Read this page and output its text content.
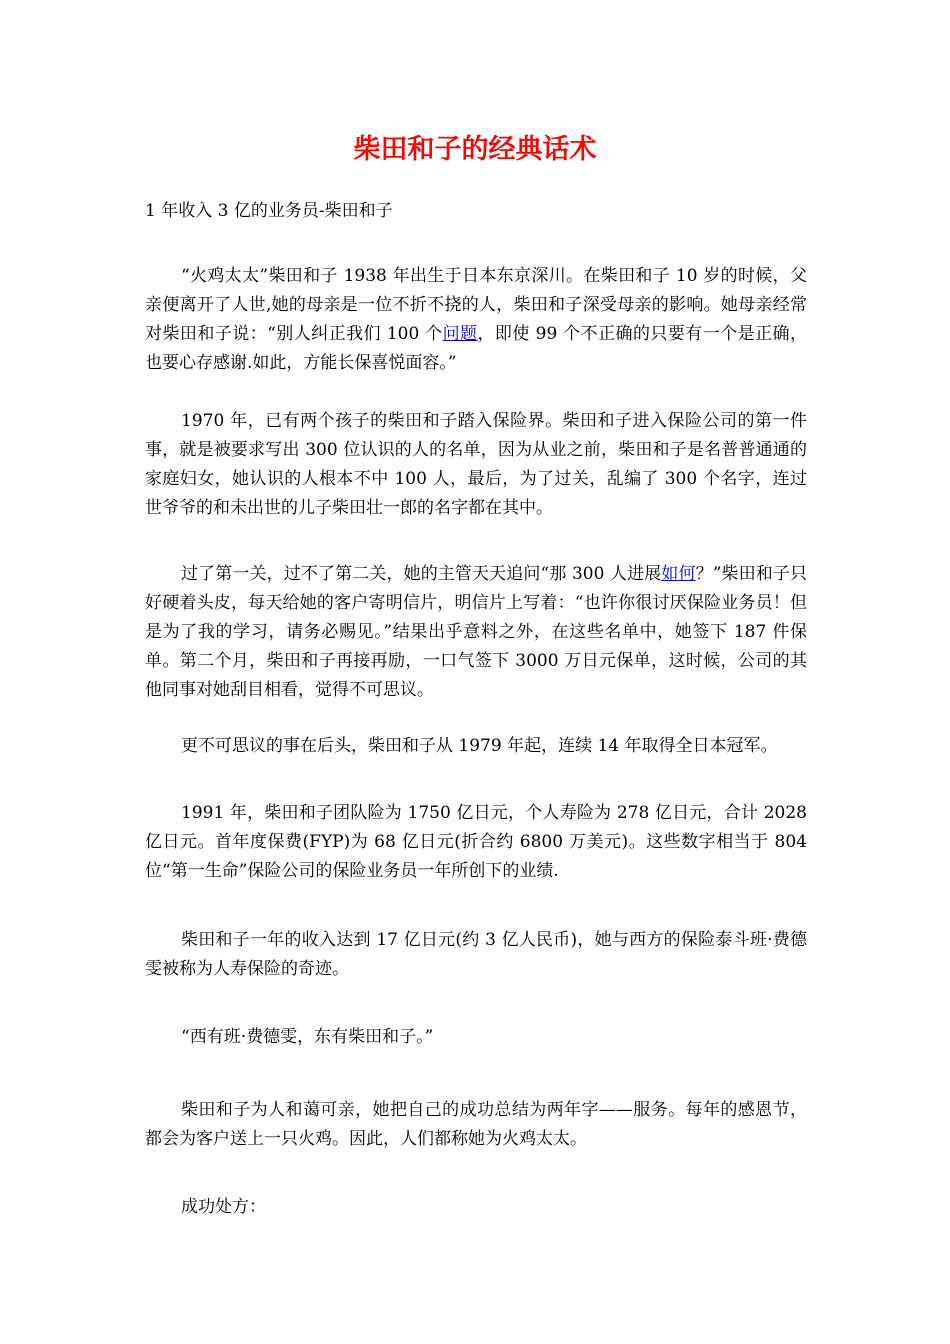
柴田和子的经典话术

1 年收入 3 亿的业务员-柴田和子

“火鸡太太”柴田和子 1938 年出生于日本东京深川。在柴田和子 10 岁的时候，父亲便离开了人世,她的母亲是一位不折不挠的人，柴田和子深受母亲的影响。她母亲经常对柴田和子说：“别人纠正我们 100 个问题，即使 99 个不正确的只要有一个是正确，也要心存感谢.如此，方能长保喜悦面容。”

1970 年，已有两个孩子的柴田和子踏入保险界。柴田和子进入保险公司的第一件事，就是被要求写出 300 位认识的人的名单，因为从业之前，柴田和子是名普普通通的家庭妇女，她认识的人根本不中 100 人，最后，为了过关，乱编了 300 个名字，连过世爷爷的和未出世的儿子柴田壮一郎的名字都在其中。

过了第一关，过不了第二关，她的主管天天追问“那 300 人进展如何？”柴田和子只好硬着头皮，每天给她的客户寄明信片，明信片上写着：“也许你很讨厌保险业务员！但是为了我的学习，请务必赐见。”结果出乎意料之外，在这些名单中，她签下 187 件保单。第二个月，柴田和子再接再励，一口气签下 3000 万日元保单，这时候，公司的其他同事对她刮目相看，觉得不可思议。

更不可思议的事在后头，柴田和子从 1979 年起，连续 14 年取得全日本冠军。

1991 年，柴田和子团队险为 1750 亿日元，个人寿险为 278 亿日元，合计 2028 亿日元。首年度保费(FYP)为 68 亿日元(折合约 6800 万美元)。这些数字相当于 804 位“第一生命”保险公司的保险业务员一年所创下的业绩.

柴田和子一年的收入达到 17 亿日元(约 3 亿人民币)，她与西方的保险泰斗班·费德雯被称为人寿保险的奇迹。

“西有班·费德雯，东有柴田和子。”

柴田和子为人和蔼可亲，她把自己的成功总结为两年字——服务。每年的感恩节，都会为客户送上一只火鸡。因此，人们都称她为火鸡太太。

成功处方：
